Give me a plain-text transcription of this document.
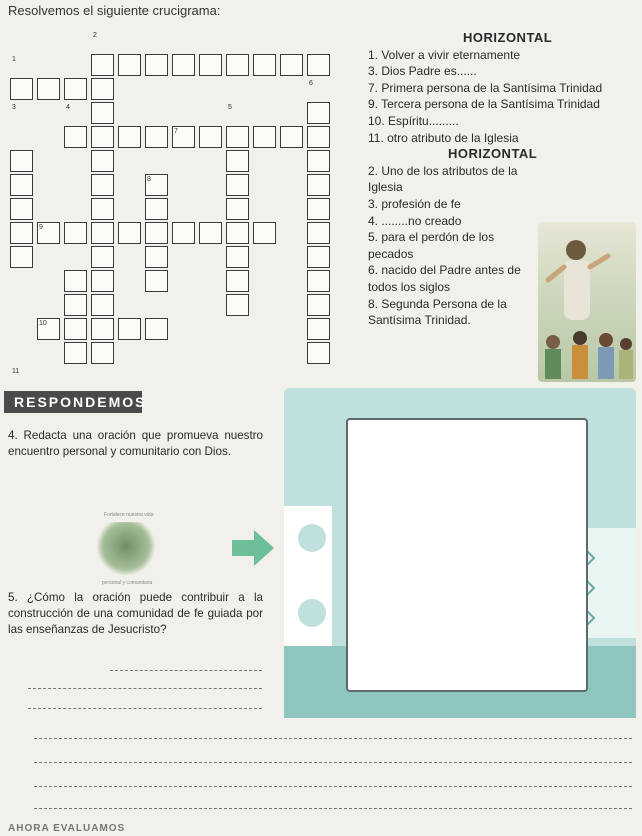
Resolvemos el siguiente crucigrama:
1
2
3	4	5
6
7
8
9
10
11
HORIZONTAL
1. Volver a vivir eternamente
3. Dios Padre es......
7. Primera persona de la Santísima Trinidad
9. Tercera persona de la Santísima Trinidad
10. Espíritu.........
11. otro atributo de la Iglesia
HORIZONTAL
2. Uno de los atributos de la
Iglesia
3. profesión de fe
4. ........no creado
5. para el perdón de los
pecados
6. nacido del Padre antes de
todos los siglos
8. Segunda Persona de la
Santísima Trinidad.
RESPONDEMOS
4. Redacta una oración que promueva nuestro encuentro personal y comunitario con Dios.
Fortalece nuestra vida
personal y comunitaria
5. ¿Cómo la oración puede contribuir a la construcción de una comunidad de fe guiada por las enseñanzas de Jesucristo?
AHORA EVALUAMOS
